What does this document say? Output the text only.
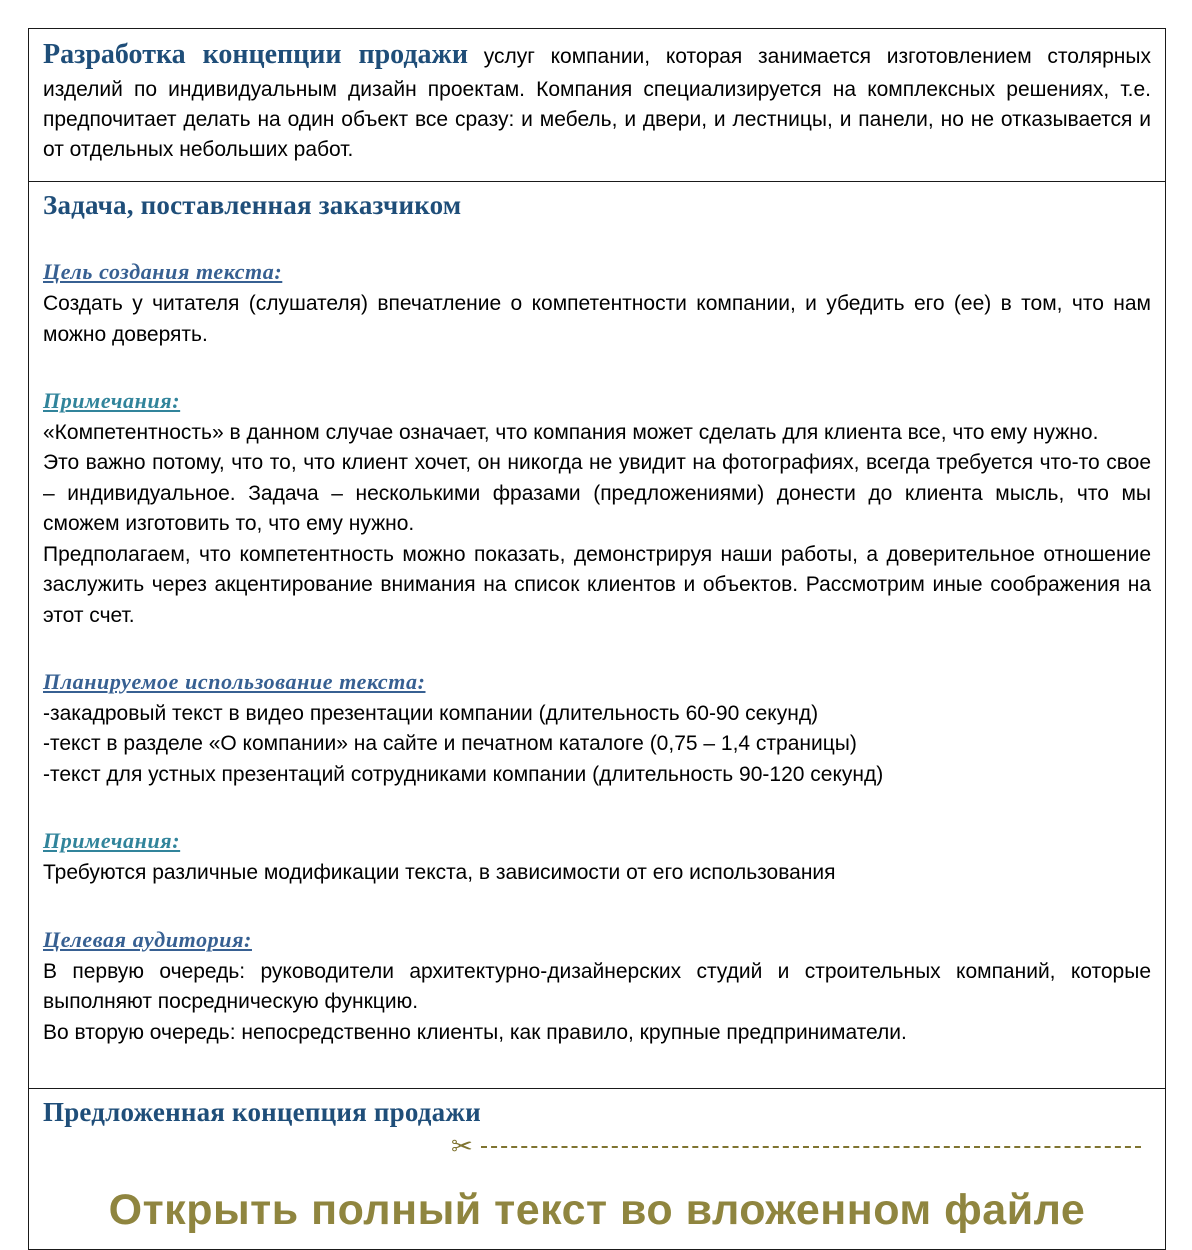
Разработка концепции продажи услуг компании, которая занимается изготовлением столярных изделий по индивидуальным дизайн проектам. Компания специализируется на комплексных решениях, т.е. предпочитает делать на один объект все сразу: и мебель, и двери, и лестницы, и панели, но не отказывается и от отдельных небольших работ.

Задача, поставленная заказчиком
Цель создания текста:

Создать у читателя (слушателя) впечатление о компетентности компании, и убедить его (ее) в том, что нам можно доверять.

Примечания:

«Компетентность» в данном случае означает, что компания может сделать для клиента все, что ему нужно.

Это важно потому, что то, что клиент хочет, он никогда не увидит на фотографиях, всегда требуется что-то свое – индивидуальное. Задача – несколькими фразами (предложениями) донести до клиента мысль, что мы сможем изготовить то, что ему нужно.

Предполагаем, что компетентность можно показать, демонстрируя наши работы, а доверительное отношение заслужить через акцентирование внимания на список клиентов и объектов. Рассмотрим иные соображения на этот счет.

Планируемое использование текста:

-закадровый текст в видео презентации компании (длительность 60-90 секунд)

-текст в разделе «О компании» на сайте и печатном каталоге (0,75 – 1,4 страницы)

-текст для устных презентаций сотрудниками компании (длительность 90-120 секунд)

Примечания:

Требуются различные модификации текста, в зависимости от его использования

Целевая аудитория:

В первую очередь: руководители архитектурно-дизайнерских студий и строительных компаний, которые выполняют посредническую функцию.

Во вторую очередь: непосредственно клиенты, как правило, крупные предприниматели.

Предложенная концепция продажи
✂
Открыть полный текст во вложенном файле
